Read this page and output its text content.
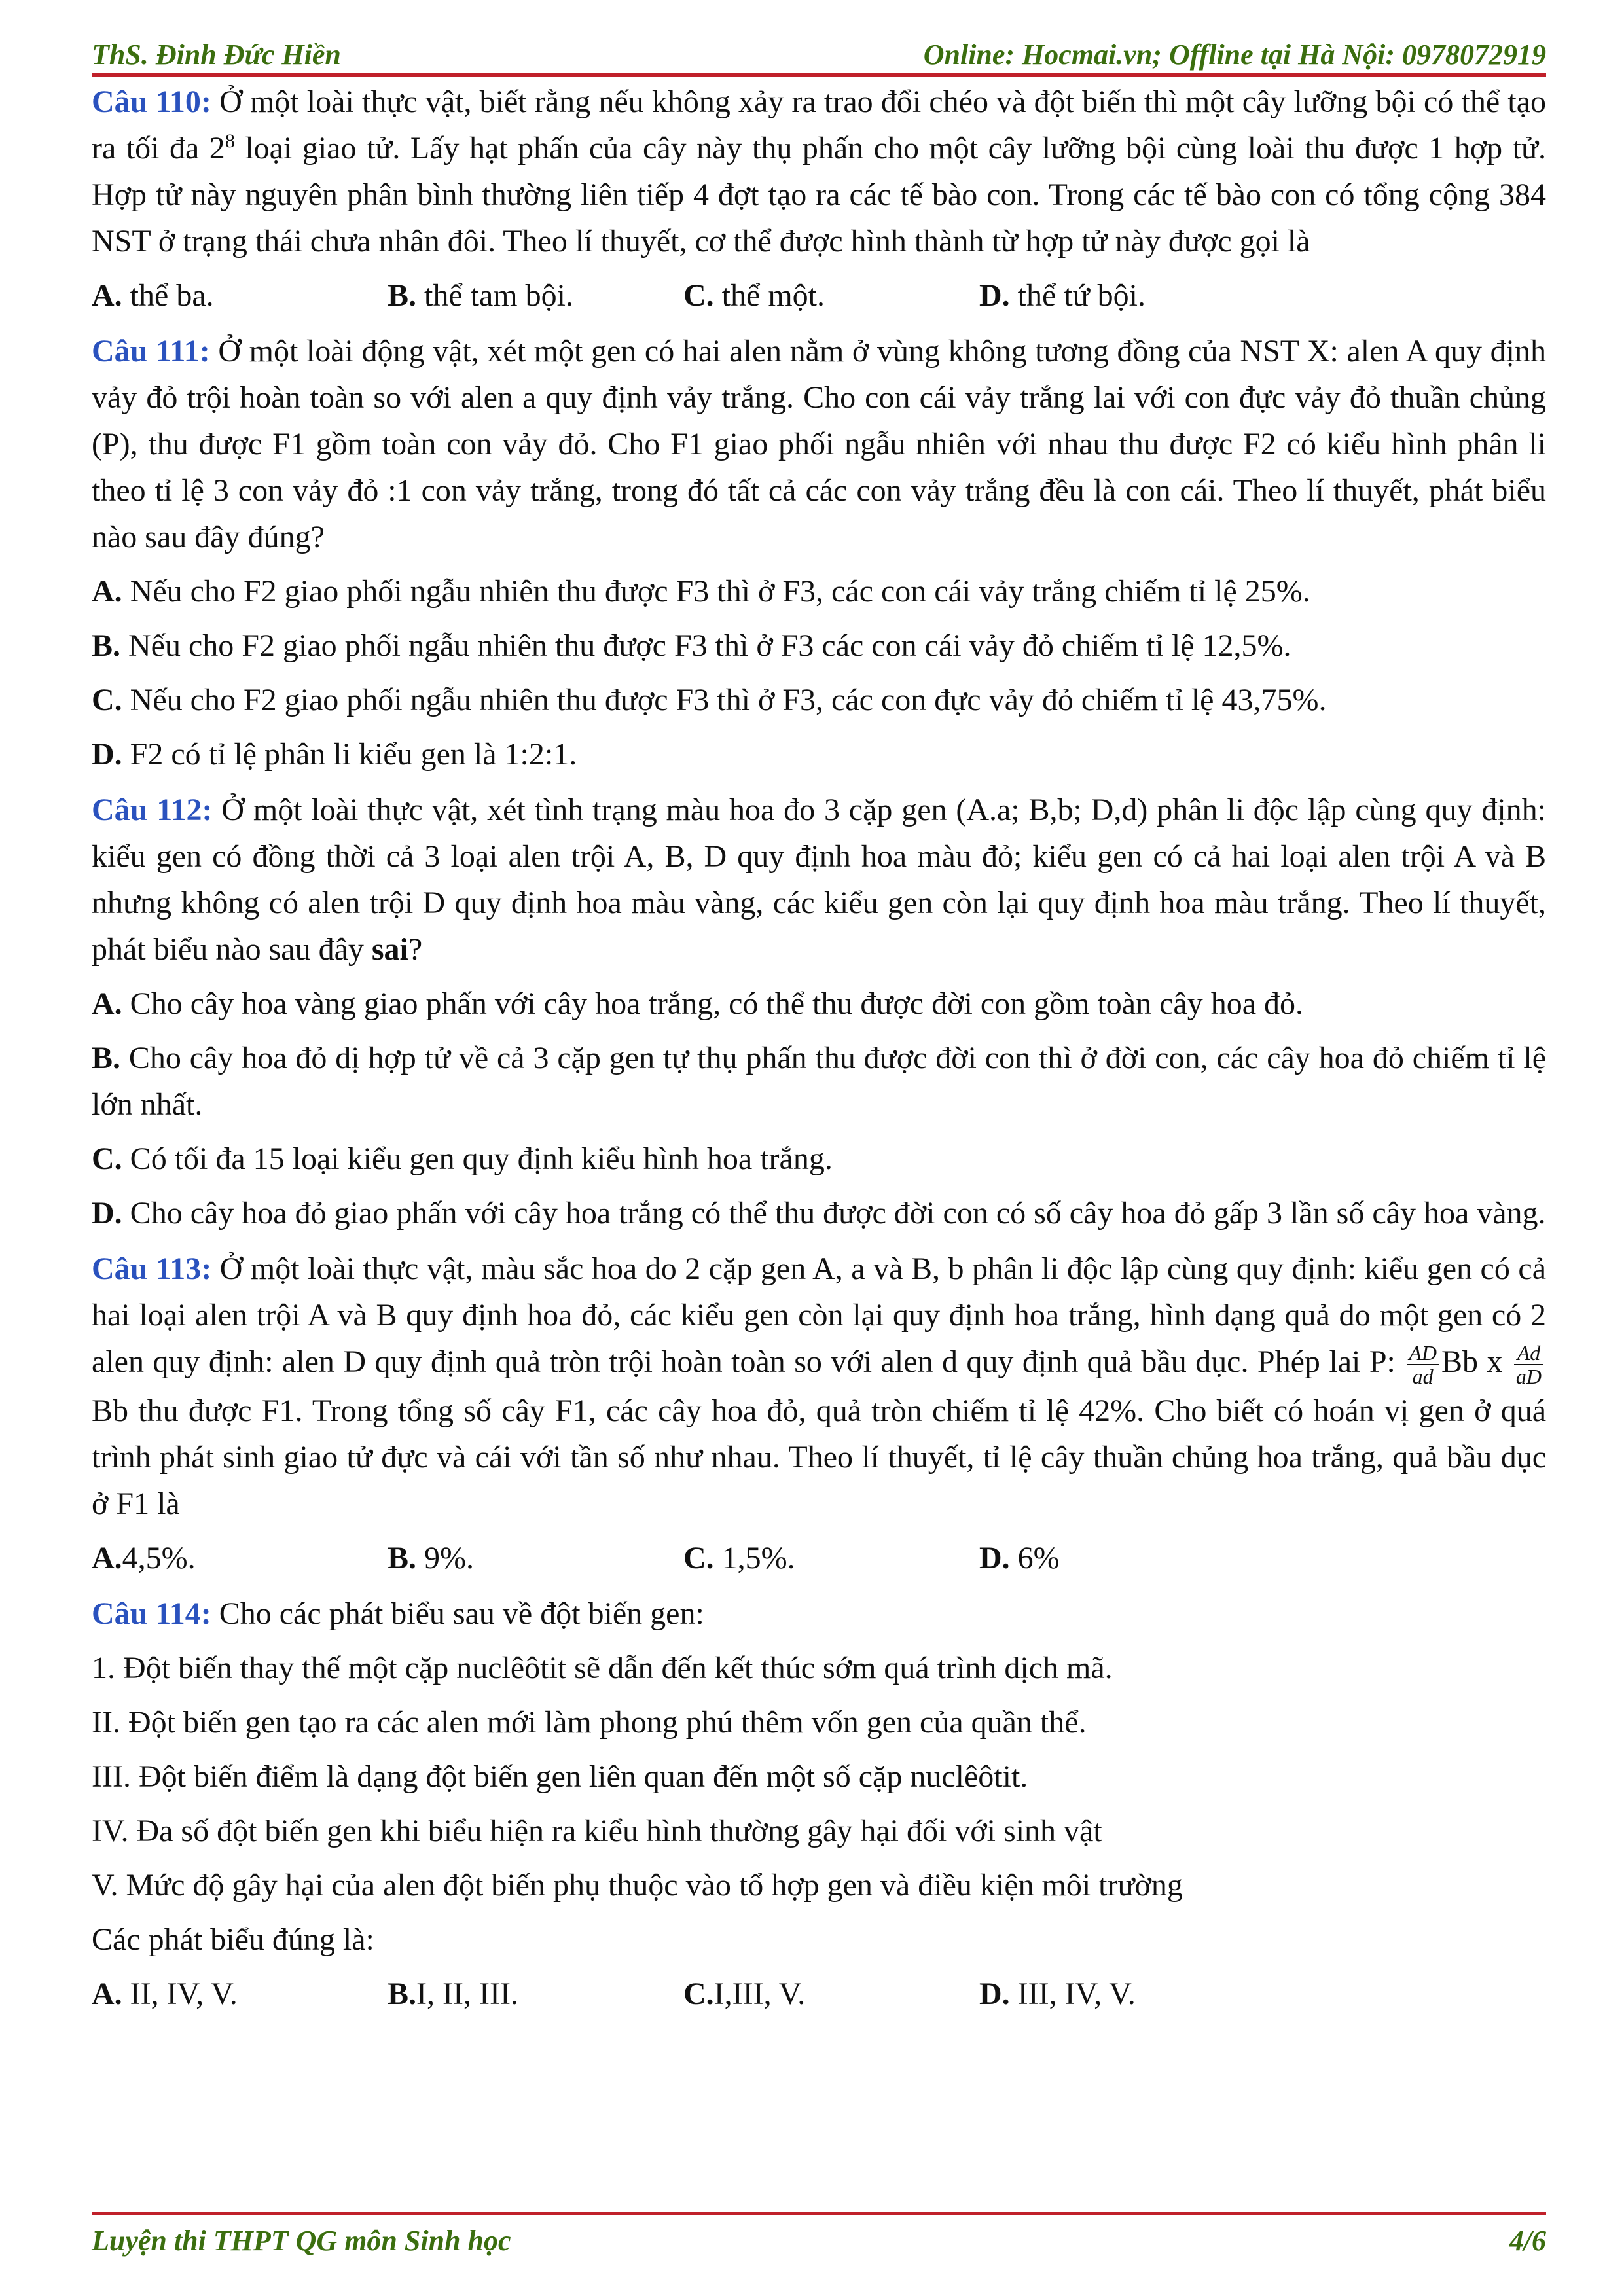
ThS. Đinh Đức Hiền	Online: Hocmai.vn; Offline tại Hà Nội: 0978072919

Câu 110: Ở một loài thực vật, biết rằng nếu không xảy ra trao đổi chéo và đột biến thì một cây lưỡng bội có thể tạo ra tối đa $2^8$ loại giao tử. Lấy hạt phấn của cây này thụ phấn cho một cây lưỡng bội cùng loài thu được 1 hợp tử. Hợp tử này nguyên phân bình thường liên tiếp 4 đợt tạo ra các tế bào con. Trong các tế bào con có tổng cộng 384 NST ở trạng thái chưa nhân đôi. Theo lí thuyết, cơ thể được hình thành từ hợp tử này được gọi là

A. thể ba.	B. thể tam bội.	C. thể một.	D. thể tứ bội.

Câu 111: Ở một loài động vật, xét một gen có hai alen nằm ở vùng không tương đồng của NST X: alen A quy định vảy đỏ trội hoàn toàn so với alen a quy định vảy trắng. Cho con cái vảy trắng lai với con đực vảy đỏ thuần chủng (P), thu được F1 gồm toàn con vảy đỏ. Cho F1 giao phối ngẫu nhiên với nhau thu được F2 có kiểu hình phân li theo tỉ lệ 3 con vảy đỏ :1 con vảy trắng, trong đó tất cả các con vảy trắng đều là con cái. Theo lí thuyết, phát biểu nào sau đây đúng?

A. Nếu cho F2 giao phối ngẫu nhiên thu được F3 thì ở F3, các con cái vảy trắng chiếm tỉ lệ 25%.

B. Nếu cho F2 giao phối ngẫu nhiên thu được F3 thì ở F3 các con cái vảy đỏ chiếm tỉ lệ 12,5%.

C. Nếu cho F2 giao phối ngẫu nhiên thu được F3 thì ở F3, các con đực vảy đỏ chiếm tỉ lệ 43,75%.

D. F2 có tỉ lệ phân li kiểu gen là 1:2:1.

Câu 112: Ở một loài thực vật, xét tình trạng màu hoa đo 3 cặp gen (A.a; B,b; D,d) phân li độc lập cùng quy định: kiểu gen có đồng thời cả 3 loại alen trội A, B, D quy định hoa màu đỏ; kiểu gen có cả hai loại alen trội A và B nhưng không có alen trội D quy định hoa màu vàng, các kiểu gen còn lại quy định hoa màu trắng. Theo lí thuyết, phát biểu nào sau đây sai?

A. Cho cây hoa vàng giao phấn với cây hoa trắng, có thể thu được đời con gồm toàn cây hoa đỏ.

B. Cho cây hoa đỏ dị hợp tử về cả 3 cặp gen tự thụ phấn thu được đời con thì ở đời con, các cây hoa đỏ chiếm tỉ lệ lớn nhất.

C. Có tối đa 15 loại kiểu gen quy định kiểu hình hoa trắng.

D. Cho cây hoa đỏ giao phấn với cây hoa trắng có thể thu được đời con có số cây hoa đỏ gấp 3 lần số cây hoa vàng.

Câu 113: Ở một loài thực vật, màu sắc hoa do 2 cặp gen A, a và B, b phân li độc lập cùng quy định: kiểu gen có cả hai loại alen trội A và B quy định hoa đỏ, các kiểu gen còn lại quy định hoa trắng, hình dạng quả do một gen có 2 alen quy định: alen D quy định quả tròn trội hoàn toàn so với alen d quy định quả bầu dục. Phép lai P: $\frac{AD}{ad}$ Bb x $\frac{Ad}{aD}$
Bb thu được F1. Trong tổng số cây F1, các cây hoa đỏ, quả tròn chiếm tỉ lệ 42%. Cho biết có hoán vị gen ở quá trình phát sinh giao tử đực và cái với tần số như nhau. Theo lí thuyết, tỉ lệ cây thuần chủng hoa trắng, quả bầu dục ở F1 là

A.4,5%.	B. 9%.	C. 1,5%.	D. 6%

Câu 114: Cho các phát biểu sau về đột biến gen:

1. Đột biến thay thế một cặp nuclêôtit sẽ dẫn đến kết thúc sớm quá trình dịch mã.

II. Đột biến gen tạo ra các alen mới làm phong phú thêm vốn gen của quần thể.

III. Đột biến điểm là dạng đột biến gen liên quan đến một số cặp nuclêôtit.

IV. Đa số đột biến gen khi biểu hiện ra kiểu hình thường gây hại đối với sinh vật

V. Mức độ gây hại của alen đột biến phụ thuộc vào tổ hợp gen và điều kiện môi trường

Các phát biểu đúng là:

A. II, IV, V.	B.I, II, III.	C.I,III, V.	D. III, IV, V.
Luyện thi THPT QG môn Sinh học	4/6
